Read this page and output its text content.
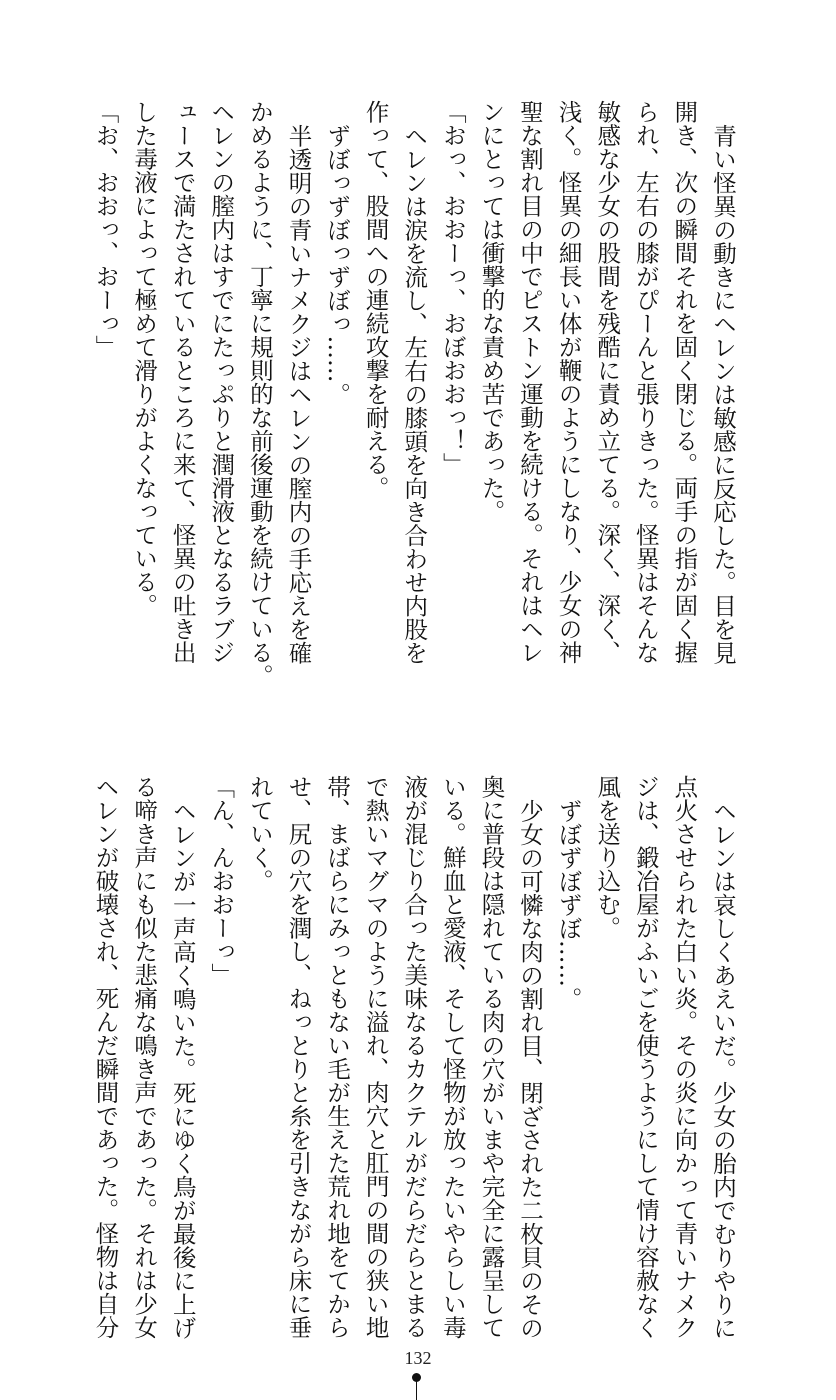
青い怪異の動きにヘレンは敏感に反応した。目を見
開き、次の瞬間それを固く閉じる。両手の指が固く握
られ、左右の膝がぴーんと張りきった。怪異はそんな
敏感な少女の股間を残酷に責め立てる。深く、深く、
浅く。怪異の細長い体が鞭のようにしなり、少女の神
聖な割れ目の中でピストン運動を続ける。それはヘレ
ンにとっては衝撃的な責め苦であった。
「おっ、おおーっ、おぼおおっ！」
ヘレンは涙を流し、左右の膝頭を向き合わせ内股を
作って、股間への連続攻撃を耐える。
ずぼっずぼっずぼっ……。
半透明の青いナメクジはヘレンの膣内の手応えを確
かめるように、丁寧に規則的な前後運動を続けている。
ヘレンの膣内はすでにたっぷりと潤滑液となるラブジ
ュースで満たされているところに来て、怪異の吐き出
した毒液によって極めて滑りがよくなっている。
「お、おおっ、おーっ」
ヘレンは哀しくあえいだ。少女の胎内でむりやりに
点火させられた白い炎。その炎に向かって青いナメク
ジは、鍛冶屋がふいごを使うようにして情け容赦なく
風を送り込む。
ずぼずぼずぼ……。
少女の可憐な肉の割れ目、閉ざされた二枚貝のその
奥に普段は隠れている肉の穴がいまや完全に露呈して
いる。鮮血と愛液、そして怪物が放ったいやらしい毒
液が混じり合った美味なるカクテルがだらだらとまる
で熱いマグマのように溢れ、肉穴と肛門の間の狭い地
帯、まばらにみっともない毛が生えた荒れ地をてから
せ、尻の穴を潤し、ねっとりと糸を引きながら床に垂
れていく。
「ん、んおおーっ」
ヘレンが一声高く鳴いた。死にゆく鳥が最後に上げ
る啼き声にも似た悲痛な鳴き声であった。それは少女
ヘレンが破壊され、死んだ瞬間であった。怪物は自分
132
